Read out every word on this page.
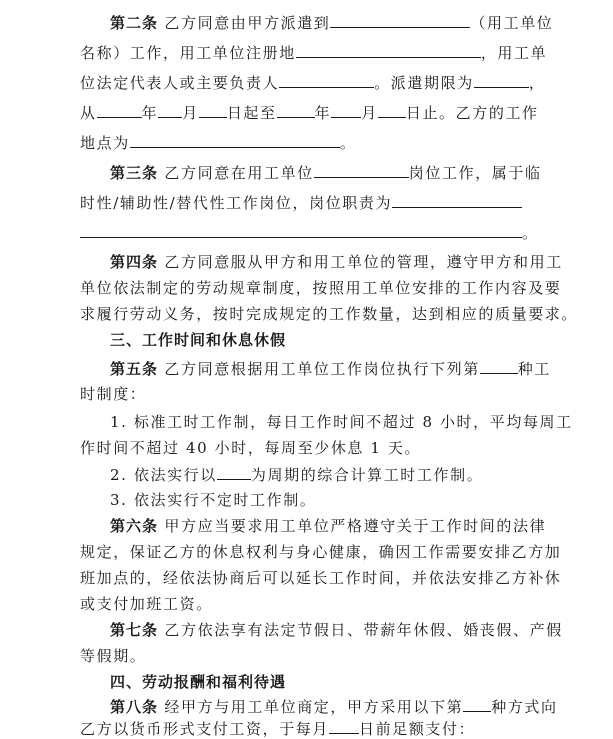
第二条 乙方同意由甲方派遣到	（用工单位
名称）工作，用工单位注册地	，用工单
位法定代表人或主要负责人	。派遣期限为	，
从	年 月 日起至	年 月 日止。乙方的工作
地点为	。
第三条 乙方同意在用工单位	岗位工作，属于临
时性/辅助性/替代性工作岗位，岗位职责为
。
第四条 乙方同意服从甲方和用工单位的管理，遵守甲方和用工
单位依法制定的劳动规章制度，按照用工单位安排的工作内容及要
求履行劳动义务，按时完成规定的工作数量，达到相应的质量要求。
三、工作时间和休息休假
第五条 乙方同意根据用工单位工作岗位执行下列第	种工
时制度：
1. 标准工时工作制，每日工作时间不超过 8 小时，平均每周工
作时间不超过 40 小时，每周至少休息 1 天。
2. 依法实行以 为周期的综合计算工时工作制。
3. 依法实行不定时工作制。
第六条 甲方应当要求用工单位严格遵守关于工作时间的法律
规定，保证乙方的休息权利与身心健康，确因工作需要安排乙方加
班加点的，经依法协商后可以延长工作时间，并依法安排乙方补休
或支付加班工资。
第七条 乙方依法享有法定节假日、带薪年休假、婚丧假、产假
等假期。
四、劳动报酬和福利待遇
第八条 经甲方与用工单位商定，甲方采用以下第 种方式向
乙方以货币形式支付工资，于每月 日前足额支付：
